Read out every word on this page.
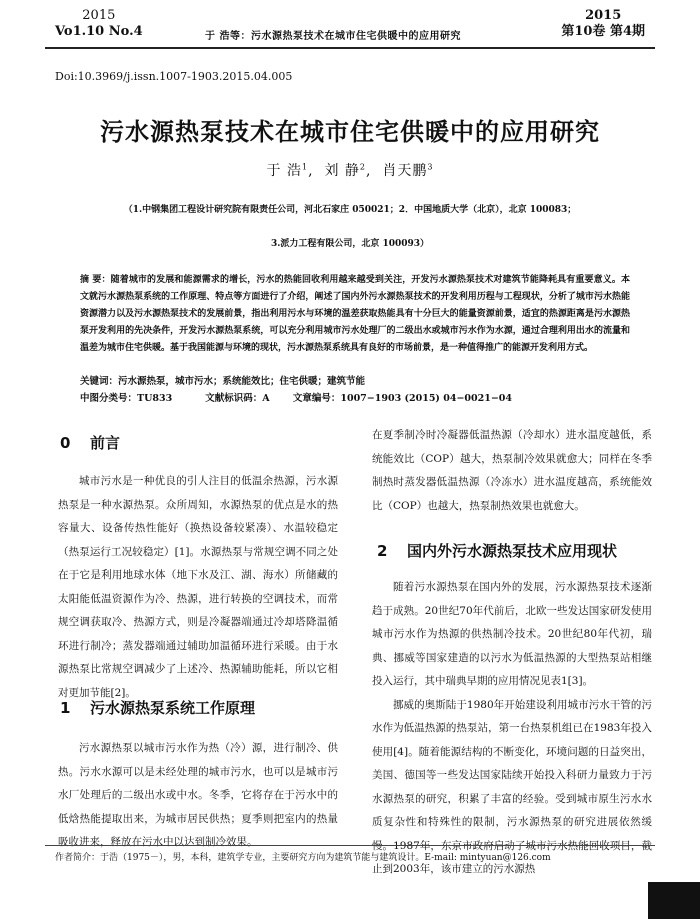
2015
Vo1.10 No.4	于 浩等：污水源热泵技术在城市住宅供暖中的应用研究
2015
第10卷 第4期
Doi:10.3969/j.issn.1007-1903.2015.04.005
污水源热泵技术在城市住宅供暖中的应用研究
于 浩$^1$,  刘 静$^2$,  肖天鹏$^3$
（1.中钢集团工程设计研究院有限责任公司，河北石家庄 050021；2．中国地质大学（北京），北京 100083；
3.派力工程有限公司，北京 100093）
摘 要：随着城市的发展和能源需求的增长，污水的热能回收利用越来越受到关注，开发污水源热泵技术对建筑节能降耗具有重要意义。本文就污水源热泵系统的工作原理、特点等方面进行了介绍，阐述了国内外污水源热泵技术的开发利用历程与工程现状，分析了城市污水热能资源潜力以及污水源热泵技术的发展前景，指出利用污水与环境的温差获取热能具有十分巨大的能量资源前景，适宜的热源距离是污水源热泵开发利用的先决条件，开发污水源热泵系统，可以充分利用城市污水处理厂的二级出水或城市污水作为水源，通过合理利用出水的流量和温差为城市住宅供暖。基于我国能源与环境的现状，污水源热泵系统具有良好的市场前景，是一种值得推广的能源开发利用方式。
关键词：污水源热泵，城市污水；系统能效比；住宅供暖；建筑节能
中图分类号：TU833	文献标识码：A 文章编号：1007−1903 (2015) 04−0021−04
0 前言

城市污水是一种优良的引人注目的低温余热源，污水源热泵是一种水源热泵。众所周知，水源热泵的优点是水的热容量大、设备传热性能好（换热设备较紧凑）、水温较稳定（热泵运行工况较稳定）[1]。水源热泵与常规空调不同之处在于它是利用地球水体（地下水及江、湖、海水）所储藏的太阳能低温资源作为冷、热源，进行转换的空调技术，而常规空调获取冷、热源方式，则是冷凝器端通过冷却塔降温循环进行制冷；蒸发器端通过辅助加温循环进行采暖。由于水源热泵比常规空调减少了上述冷、热源辅助能耗，所以它相对更加节能[2]。

1 污水源热泵系统工作原理

污水源热泵以城市污水作为热（冷）源，进行制冷、供热。污水水源可以是未经处理的城市污水，也可以是城市污水厂处理后的二级出水或中水。冬季，它将存在于污水中的低焓热能提取出来，为城市居民供热；夏季则把室内的热量吸收进来，释放在污水中以达到制冷效果。

在夏季制冷时冷凝器低温热源（冷却水）进水温度越低，系统能效比（COP）越大，热泵制冷效果就愈大；同样在冬季制热时蒸发器低温热源（冷冻水）进水温度越高，系统能效比（COP）也越大，热泵制热效果也就愈大。

2 国内外污水源热泵技术应用现状

随着污水源热泵在国内外的发展，污水源热泵技术逐渐趋于成熟。20世纪70年代前后，北欧一些发达国家研发使用城市污水作为热源的供热制冷技术。20世纪80年代初，瑞典、挪威等国家建造的以污水为低温热源的大型热泵站相继投入运行，其中瑞典早期的应用情况见表1[3]。

挪威的奥斯陆于1980年开始建设利用城市污水干管的污水作为低温热源的热泵站，第一台热泵机组已在1983年投入使用[4]。随着能源结构的不断变化，环境问题的日益突出，美国、德国等一些发达国家陆续开始投入科研力量致力于污水源热泵的研究，积累了丰富的经验。受到城市原生污水水质复杂性和特殊性的限制，污水源热泵的研究进展依然缓慢。1987年，东京市政府启动了城市污水热能回收项目，截止到2003年，该市建立的污水源热

作者简介：于浩（1975－），男，本科，建筑学专业，主要研究方向为建筑节能与建筑设计。E-mail: mintyuan@126.com
